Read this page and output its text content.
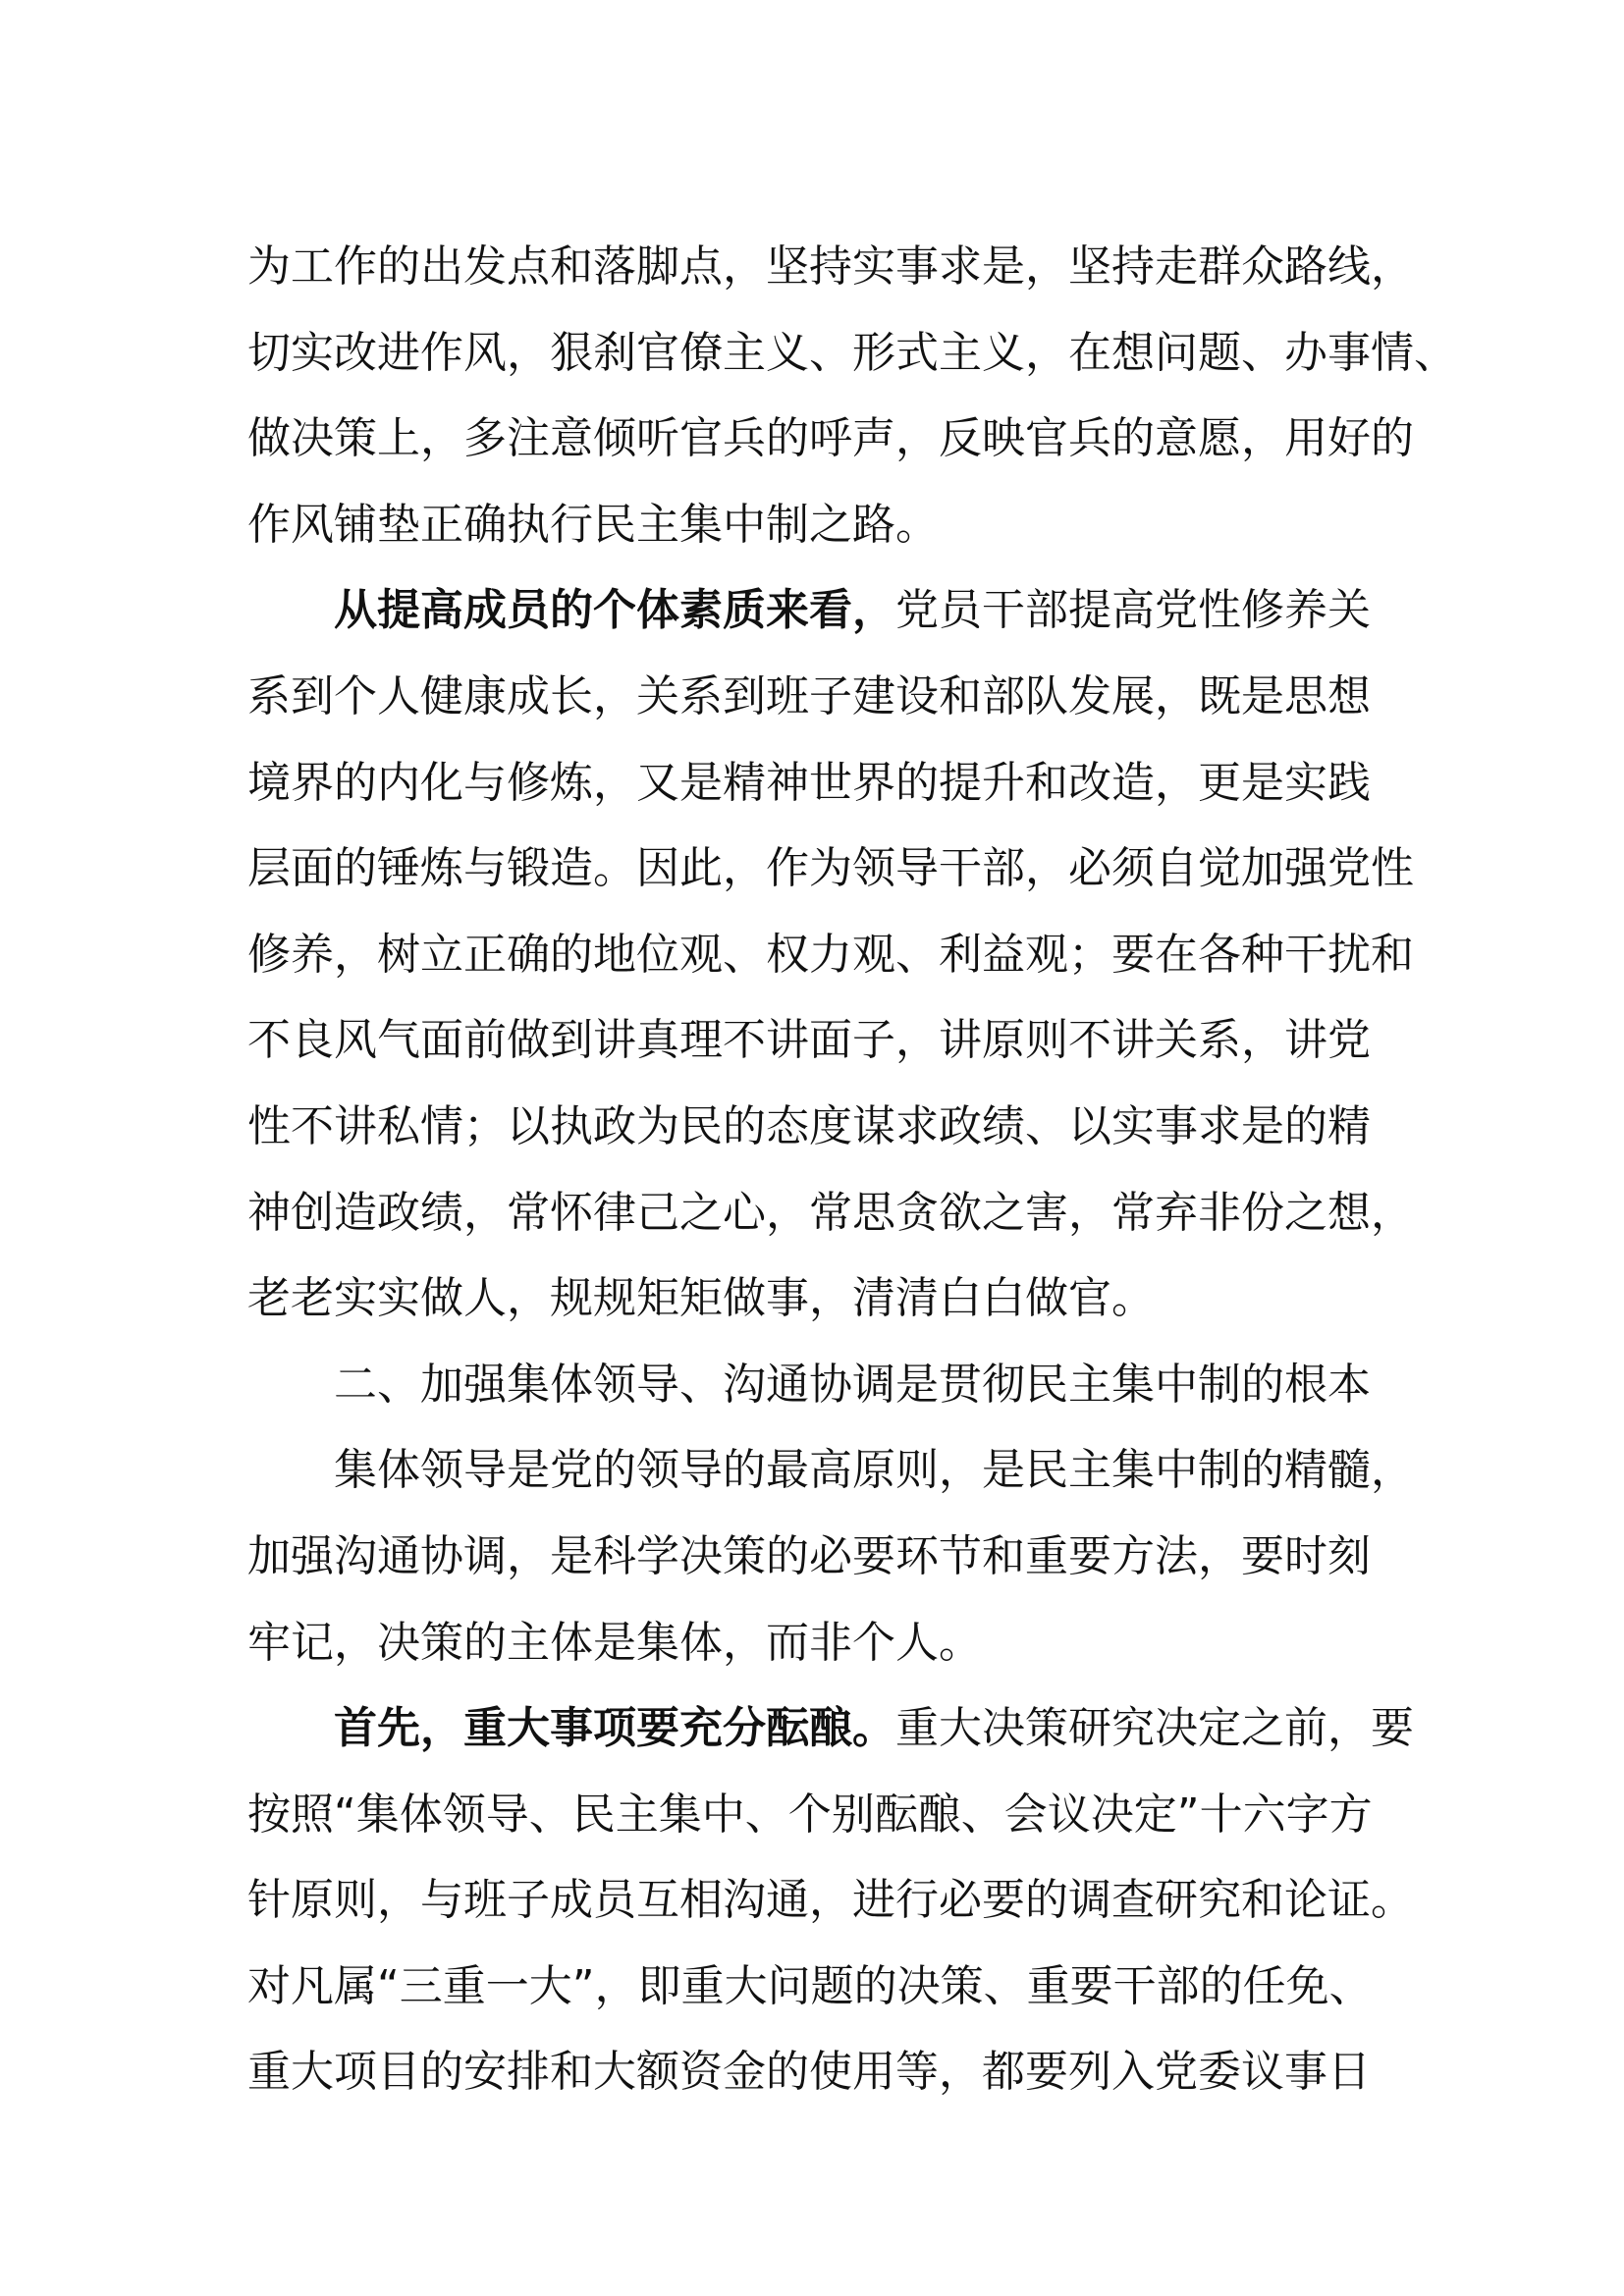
为工作的出发点和落脚点，坚持实事求是，坚持走群众路线，
切实改进作风，狠刹官僚主义、形式主义，在想问题、办事情、
做决策上，多注意倾听官兵的呼声，反映官兵的意愿，用好的
作风铺垫正确执行民主集中制之路。
从提高成员的个体素质来看，党员干部提高党性修养关
系到个人健康成长，关系到班子建设和部队发展，既是思想
境界的内化与修炼，又是精神世界的提升和改造，更是实践
层面的锤炼与锻造。因此，作为领导干部，必须自觉加强党性
修养，树立正确的地位观、权力观、利益观；要在各种干扰和
不良风气面前做到讲真理不讲面子，讲原则不讲关系，讲党
性不讲私情；以执政为民的态度谋求政绩、以实事求是的精
神创造政绩，常怀律己之心，常思贪欲之害，常弃非份之想，
老老实实做人，规规矩矩做事，清清白白做官。
二、加强集体领导、沟通协调是贯彻民主集中制的根本
集体领导是党的领导的最高原则，是民主集中制的精髓，
加强沟通协调，是科学决策的必要环节和重要方法，要时刻
牢记，决策的主体是集体，而非个人。
首先，重大事项要充分酝酿。重大决策研究决定之前，要
按照“集体领导、民主集中、个别酝酿、会议决定”十六字方
针原则，与班子成员互相沟通，进行必要的调查研究和论证。
对凡属“三重一大”，即重大问题的决策、重要干部的任免、
重大项目的安排和大额资金的使用等，都要列入党委议事日
